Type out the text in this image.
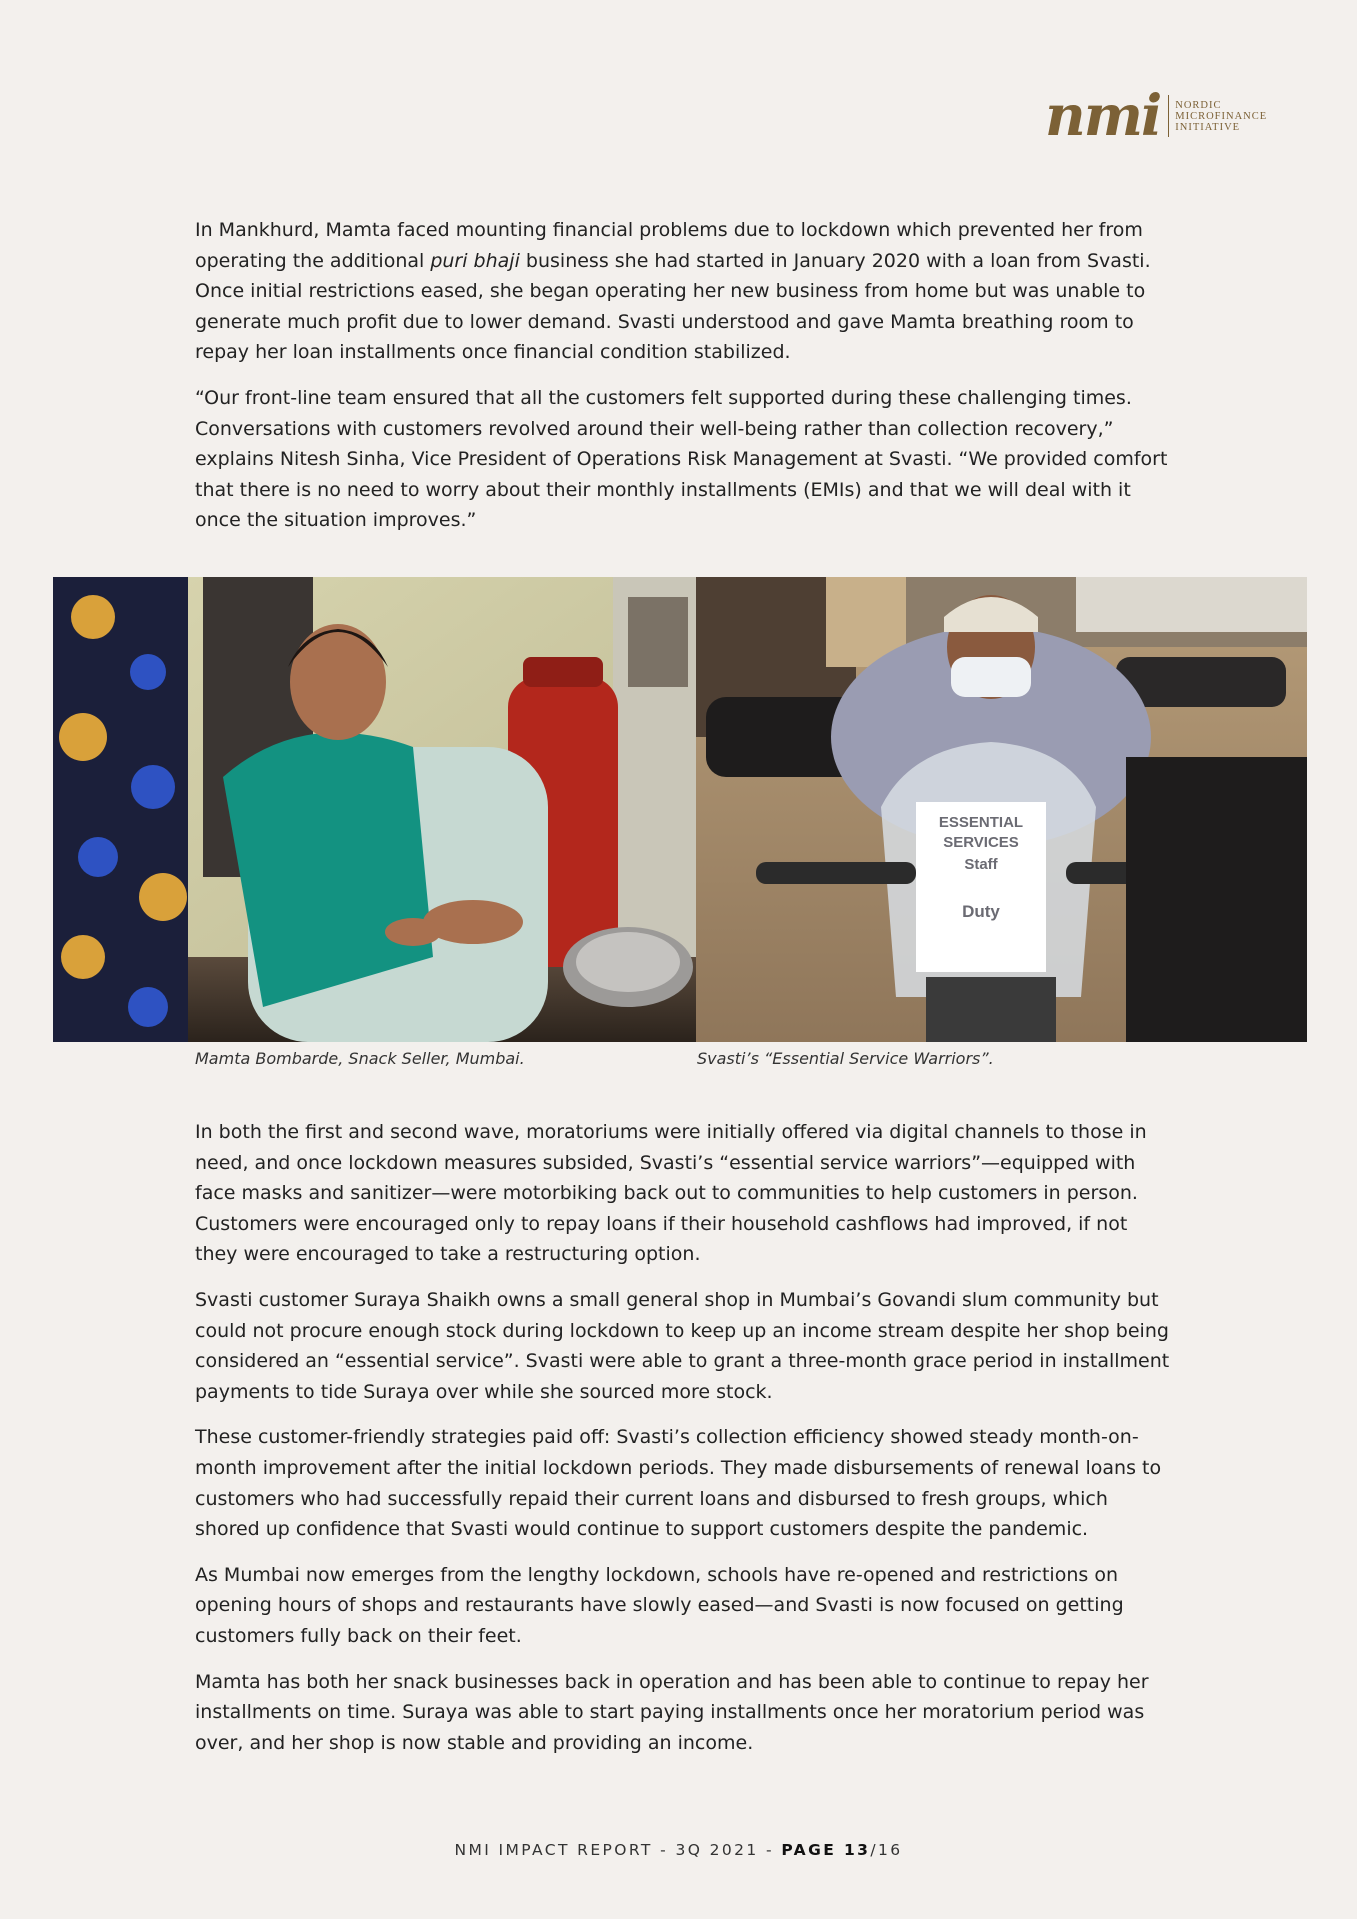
nmi NORDIC
MICROFINANCE
INITIATIVE

In Mankhurd, Mamta faced mounting financial problems due to lockdown which prevented her from operating the additional puri bhaji business she had started in January 2020 with a loan from Svasti. Once initial restrictions eased, she began operating her new business from home but was unable to generate much profit due to lower demand. Svasti understood and gave Mamta breathing room to repay her loan installments once financial condition stabilized.

“Our front-line team ensured that all the customers felt supported during these challenging times. Conversations with customers revolved around their well-being rather than collection recovery,” explains Nitesh Sinha, Vice President of Operations Risk Management at Svasti. “We provided comfort that there is no need to worry about their monthly installments (EMIs) and that we will deal with it once the situation improves.”

ESSENTIAL
SERVICES
Staff
Duty
Mamta Bombarde, Snack Seller, Mumbai.	Svasti’s “Essential Service Warriors”.

In both the first and second wave, moratoriums were initially offered via digital channels to those in need, and once lockdown measures subsided, Svasti’s “essential service warriors”—equipped with face masks and sanitizer—were motorbiking back out to communities to help customers in person. Customers were encouraged only to repay loans if their household cashflows had improved, if not they were encouraged to take a restructuring option.

Svasti customer Suraya Shaikh owns a small general shop in Mumbai’s Govandi slum community but could not procure enough stock during lockdown to keep up an income stream despite her shop being considered an “essential service”. Svasti were able to grant a three-month grace period in installment payments to tide Suraya over while she sourced more stock.

These customer-friendly strategies paid off: Svasti’s collection efficiency showed steady month-on-month improvement after the initial lockdown periods. They made disbursements of renewal loans to customers who had successfully repaid their current loans and disbursed to fresh groups, which shored up confidence that Svasti would continue to support customers despite the pandemic.

As Mumbai now emerges from the lengthy lockdown, schools have re-opened and restrictions on opening hours of shops and restaurants have slowly eased—and Svasti is now focused on getting customers fully back on their feet.

Mamta has both her snack businesses back in operation and has been able to continue to repay her installments on time. Suraya was able to start paying installments once her moratorium period was over, and her shop is now stable and providing an income.

NMI IMPACT REPORT - 3Q 2021 - PAGE 13/16
